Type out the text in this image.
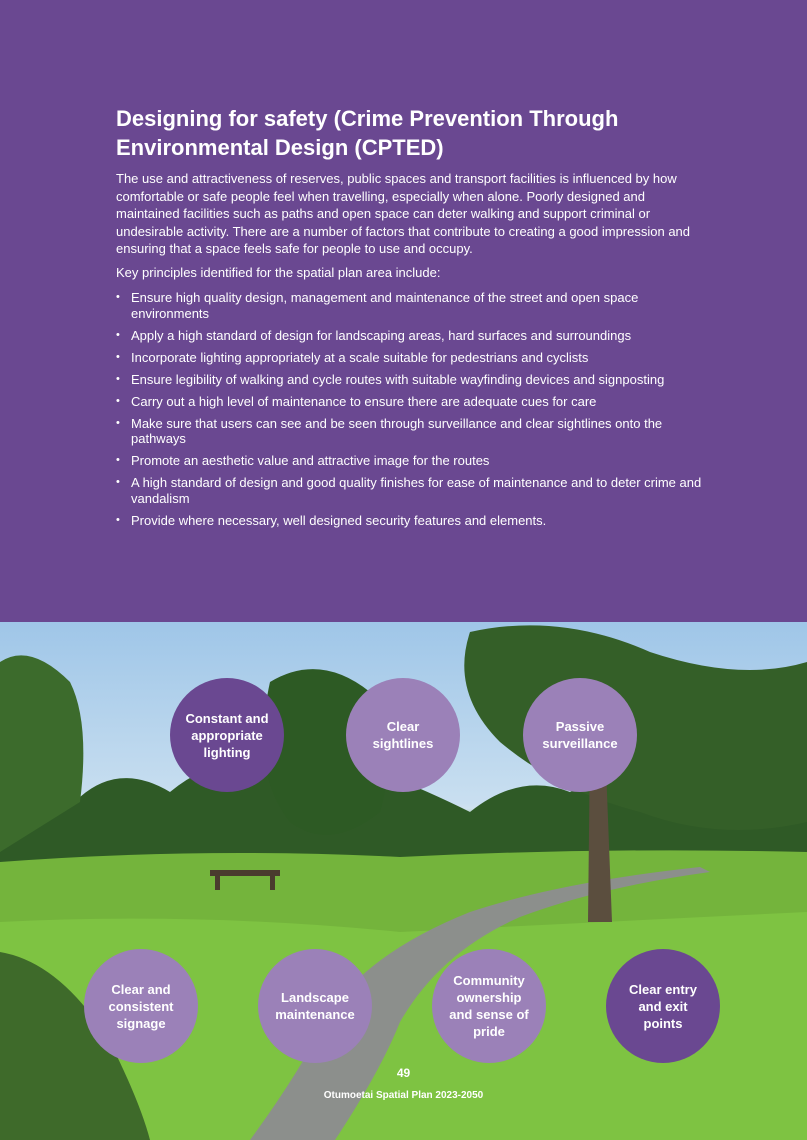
Designing for safety (Crime Prevention Through Environmental Design (CPTED)

The use and attractiveness of reserves, public spaces and transport facilities is influenced by how comfortable or safe people feel when travelling, especially when alone. Poorly designed and maintained facilities such as paths and open space can deter walking and support criminal or undesirable activity. There are a number of factors that contribute to creating a good impression and ensuring that a space feels safe for people to use and occupy.

Key principles identified for the spatial plan area include:

• Ensure high quality design, management and maintenance of the street and open space environments
• Apply a high standard of design for landscaping areas, hard surfaces and surroundings
• Incorporate lighting appropriately at a scale suitable for pedestrians and cyclists
• Ensure legibility of walking and cycle routes with suitable wayfinding devices and signposting
• Carry out a high level of maintenance to ensure there are adequate cues for care
• Make sure that users can see and be seen through surveillance and clear sightlines onto the pathways
• Promote an aesthetic value and attractive image for the routes
• A high standard of design and good quality finishes for ease of maintenance and to deter crime and vandalism
• Provide where necessary, well designed security features and elements.
Constant and appropriate lighting
Clear sightlines
Passive surveillance
Clear and consistent signage
Landscape maintenance
Community ownership and sense of pride
Clear entry and exit points
49
Otumoetai Spatial Plan 2023-2050
